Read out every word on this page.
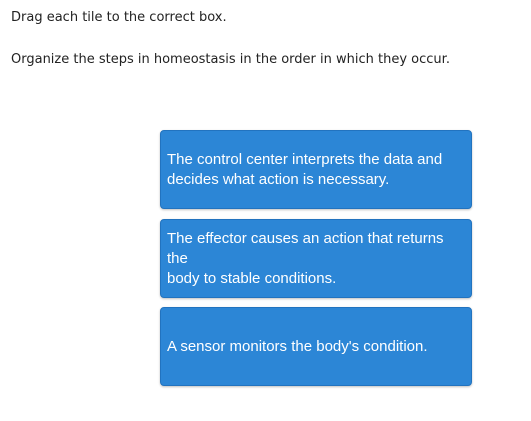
Drag each tile to the correct box.
Organize the steps in homeostasis in the order in which they occur.
The control center interprets the data and
decides what action is necessary.
The effector causes an action that returns
the
body to stable conditions.
A sensor monitors the body's condition.
